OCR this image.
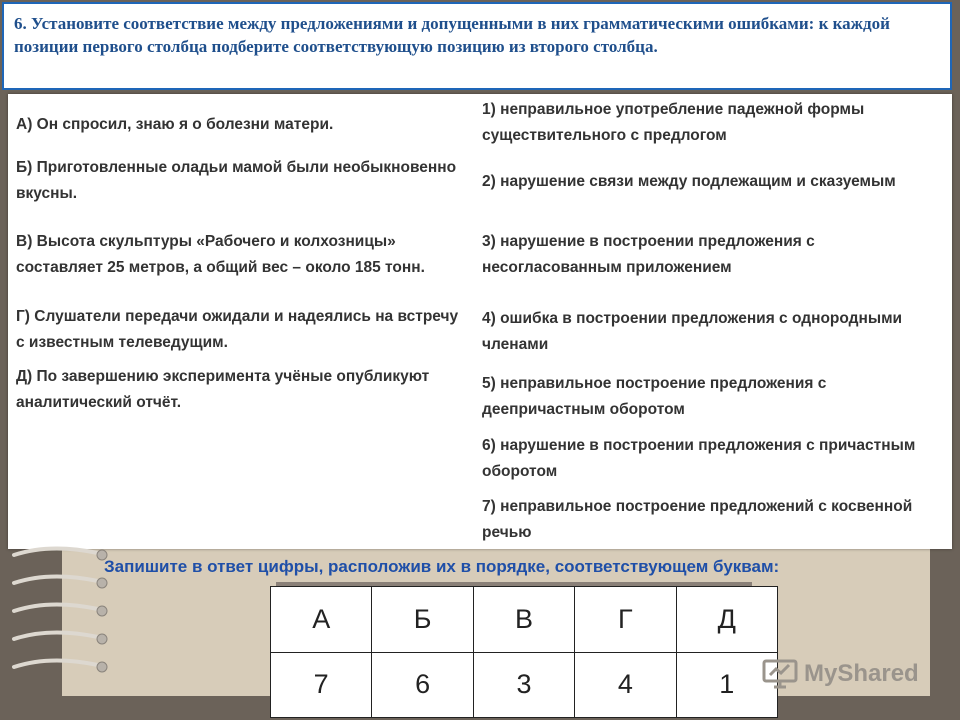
6. Установите соответствие между предложениями и допущенными в них грамматическими ошибками: к каждой позиции первого столбца подберите соответствующую позицию из второго столбца.
А) Он спросил, знаю я о болезни матери.
Б) Приготовленные оладьи мамой были необыкновенно вкусны.
В) Высота скульптуры «Рабочего и колхозницы» составляет 25 метров, а общий вес – около 185 тонн.
Г) Слушатели передачи ожидали и надеялись на встречу с известным телеведущим.
Д) По завершению эксперимента учёные опубликуют аналитический отчёт.
1) неправильное употребление падежной формы существительного с предлогом
2) нарушение связи между подлежащим и сказуемым
3) нарушение в построении предложения с несогласованным приложением
4) ошибка в построении предложения с однородными членами
5) неправильное построение предложения с деепричастным оборотом
6) нарушение в построении предложения с причастным оборотом
7) неправильное построение предложений с косвенной речью
Запишите в ответ цифры, расположив их в порядке, соответствующем буквам:
А	Б	В	Г	Д
7	6	3	4	1	MyShared
